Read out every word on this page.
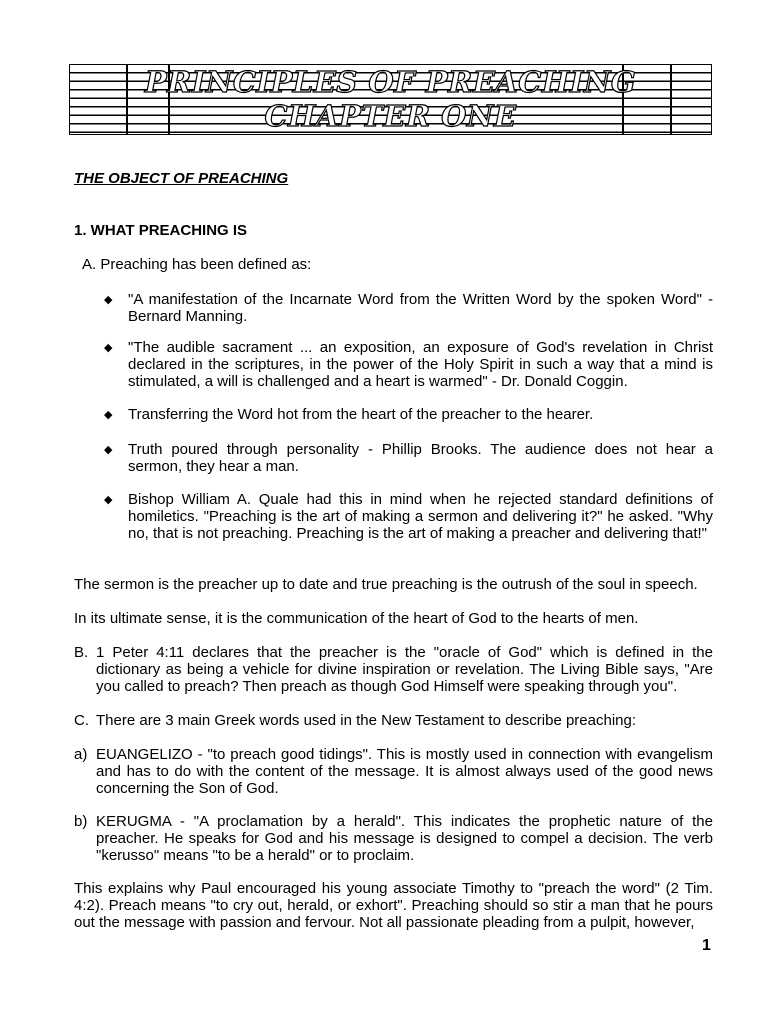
PRINCIPLES OF PREACHING
CHAPTER ONE
THE OBJECT OF PREACHING
1. WHAT PREACHING IS
A. Preaching has been defined as:
◆ "A manifestation of the Incarnate Word from the Written Word by the spoken Word" - Bernard Manning.
◆ "The audible sacrament ... an exposition, an exposure of God's revelation in Christ declared in the scriptures, in the power of the Holy Spirit in such a way that a mind is stimulated, a will is challenged and a heart is warmed" - Dr. Donald Coggin.
◆ Transferring the Word hot from the heart of the preacher to the hearer.
◆ Truth poured through personality - Phillip Brooks. The audience does not hear a sermon, they hear a man.
◆ Bishop William A. Quale had this in mind when he rejected standard definitions of homiletics. "Preaching is the art of making a sermon and delivering it?" he asked. "Why no, that is not preaching. Preaching is the art of making a preacher and delivering that!"
The sermon is the preacher up to date and true preaching is the outrush of the soul in speech.
In its ultimate sense, it is the communication of the heart of God to the hearts of men.
B. 1 Peter 4:11 declares that the preacher is the "oracle of God" which is defined in the dictionary as being a vehicle for divine inspiration or revelation. The Living Bible says, "Are you called to preach? Then preach as though God Himself were speaking through you".
C. There are 3 main Greek words used in the New Testament to describe preaching:
a) EUANGELIZO - "to preach good tidings". This is mostly used in connection with evangelism and has to do with the content of the message. It is almost always used of the good news concerning the Son of God.
b) KERUGMA - "A proclamation by a herald". This indicates the prophetic nature of the preacher. He speaks for God and his message is designed to compel a decision. The verb "kerusso" means "to be a herald" or to proclaim.
This explains why Paul encouraged his young associate Timothy to "preach the word" (2 Tim. 4:2). Preach means "to cry out, herald, or exhort". Preaching should so stir a man that he pours out the message with passion and fervour. Not all passionate pleading from a pulpit, however,
1
